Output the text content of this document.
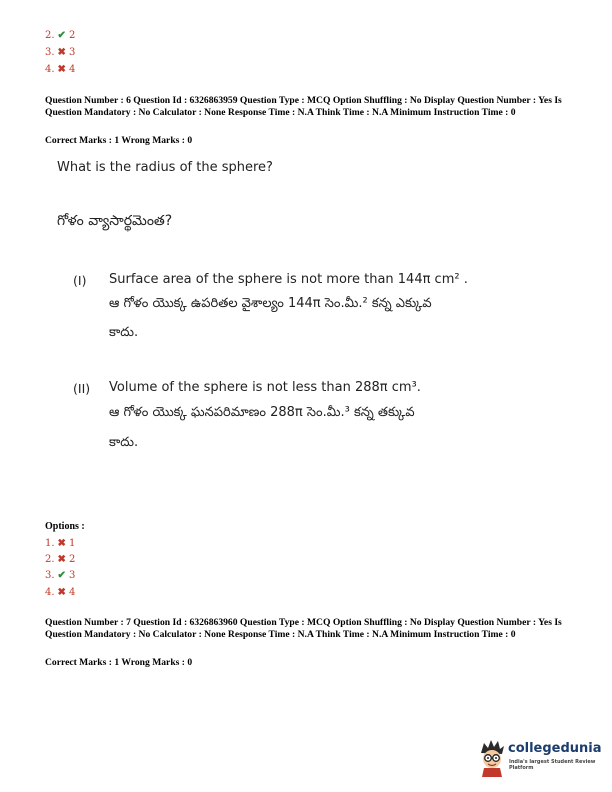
2. ✔ 2
3. ✖ 3
4. ✖ 4
Question Number : 6 Question Id : 6326863959 Question Type : MCQ Option Shuffling : No Display Question Number : Yes Is Question Mandatory : No Calculator : None Response Time : N.A Think Time : N.A Minimum Instruction Time : 0
Correct Marks : 1 Wrong Marks : 0
What is the radius of the sphere?
గోళం వ్యాసార్థమెంత?
(I) Surface area of the sphere is not more than 144π cm² .
ఆ గోళం యొక్క ఉపరితల వైశాల్యం 144π సెం.మీ.² కన్న ఎక్కువ
కాదు.
(II) Volume of the sphere is not less than 288π cm³.
ఆ గోళం యొక్క ఘనపరిమాణం 288π సెం.మీ.³ కన్న తక్కువ
కాదు.
Options :
1. ✖ 1
2. ✖ 2
3. ✔ 3
4. ✖ 4
Question Number : 7 Question Id : 6326863960 Question Type : MCQ Option Shuffling : No Display Question Number : Yes Is Question Mandatory : No Calculator : None Response Time : N.A Think Time : N.A Minimum Instruction Time : 0
Correct Marks : 1 Wrong Marks : 0
collegedunia
India's largest Student Review Platform
